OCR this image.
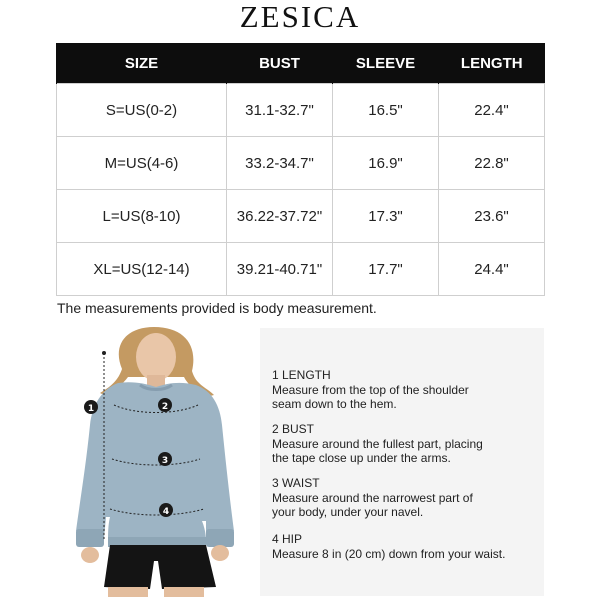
ZESICA
SIZE	BUST	SLEEVE	LENGTH
S=US(0-2)	31.1-32.7"	16.5"	22.4"
M=US(4-6)	33.2-34.7"	16.9"	22.8"
L=US(8-10)	36.22-37.72"	17.3"	23.6"
XL=US(12-14)	39.21-40.71"	17.7"	24.4"
The measurements provided is body measurement.
1	2
3
4
1 LENGTH
Measure from the top of the shoulder
seam down to the hem.
2 BUST
Measure around the fullest part, placing
the tape close up under the arms.
3 WAIST
Measure around the narrowest part of
your body, under your navel.
4 HIP
Measure 8 in (20 cm) down from your waist.
